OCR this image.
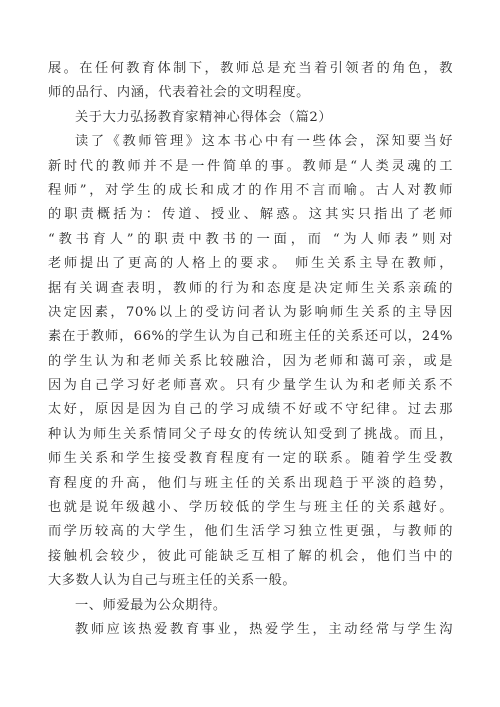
展。在任何教育体制下，教师总是充当着引领者的角色，教
师的品行、内涵，代表着社会的文明程度。
关于大力弘扬教育家精神心得体会（篇2）
读了《教师管理》这本书心中有一些体会，深知要当好
新时代的教师并不是一件简单的事。教师是“人类灵魂的工
程师”，对学生的成长和成才的作用不言而喻。古人对教师
的职责概括为：传道、授业、解惑。这其实只指出了老师
“教书育人”的职责中教书的一面，而 “为人师表”则对
老师提出了更高的人格上的要求。 师生关系主导在教师，
据有关调查表明，教师的行为和态度是决定师生关系亲疏的
决定因素，70%以上的受访问者认为影响师生关系的主导因
素在于教师，66%的学生认为自己和班主任的关系还可以，24%
的学生认为和老师关系比较融洽，因为老师和蔼可亲，或是
因为自己学习好老师喜欢。只有少量学生认为和老师关系不
太好，原因是因为自己的学习成绩不好或不守纪律。过去那
种认为师生关系情同父子母女的传统认知受到了挑战。而且，
师生关系和学生接受教育程度有一定的联系。随着学生受教
育程度的升高，他们与班主任的关系出现趋于平淡的趋势，
也就是说年级越小、学历较低的学生与班主任的关系越好。
而学历较高的大学生，他们生活学习独立性更强，与教师的
接触机会较少，彼此可能缺乏互相了解的机会，他们当中的
大多数人认为自己与班主任的关系一般。
一、师爱最为公众期待。
教师应该热爱教育事业，热爱学生，主动经常与学生沟
